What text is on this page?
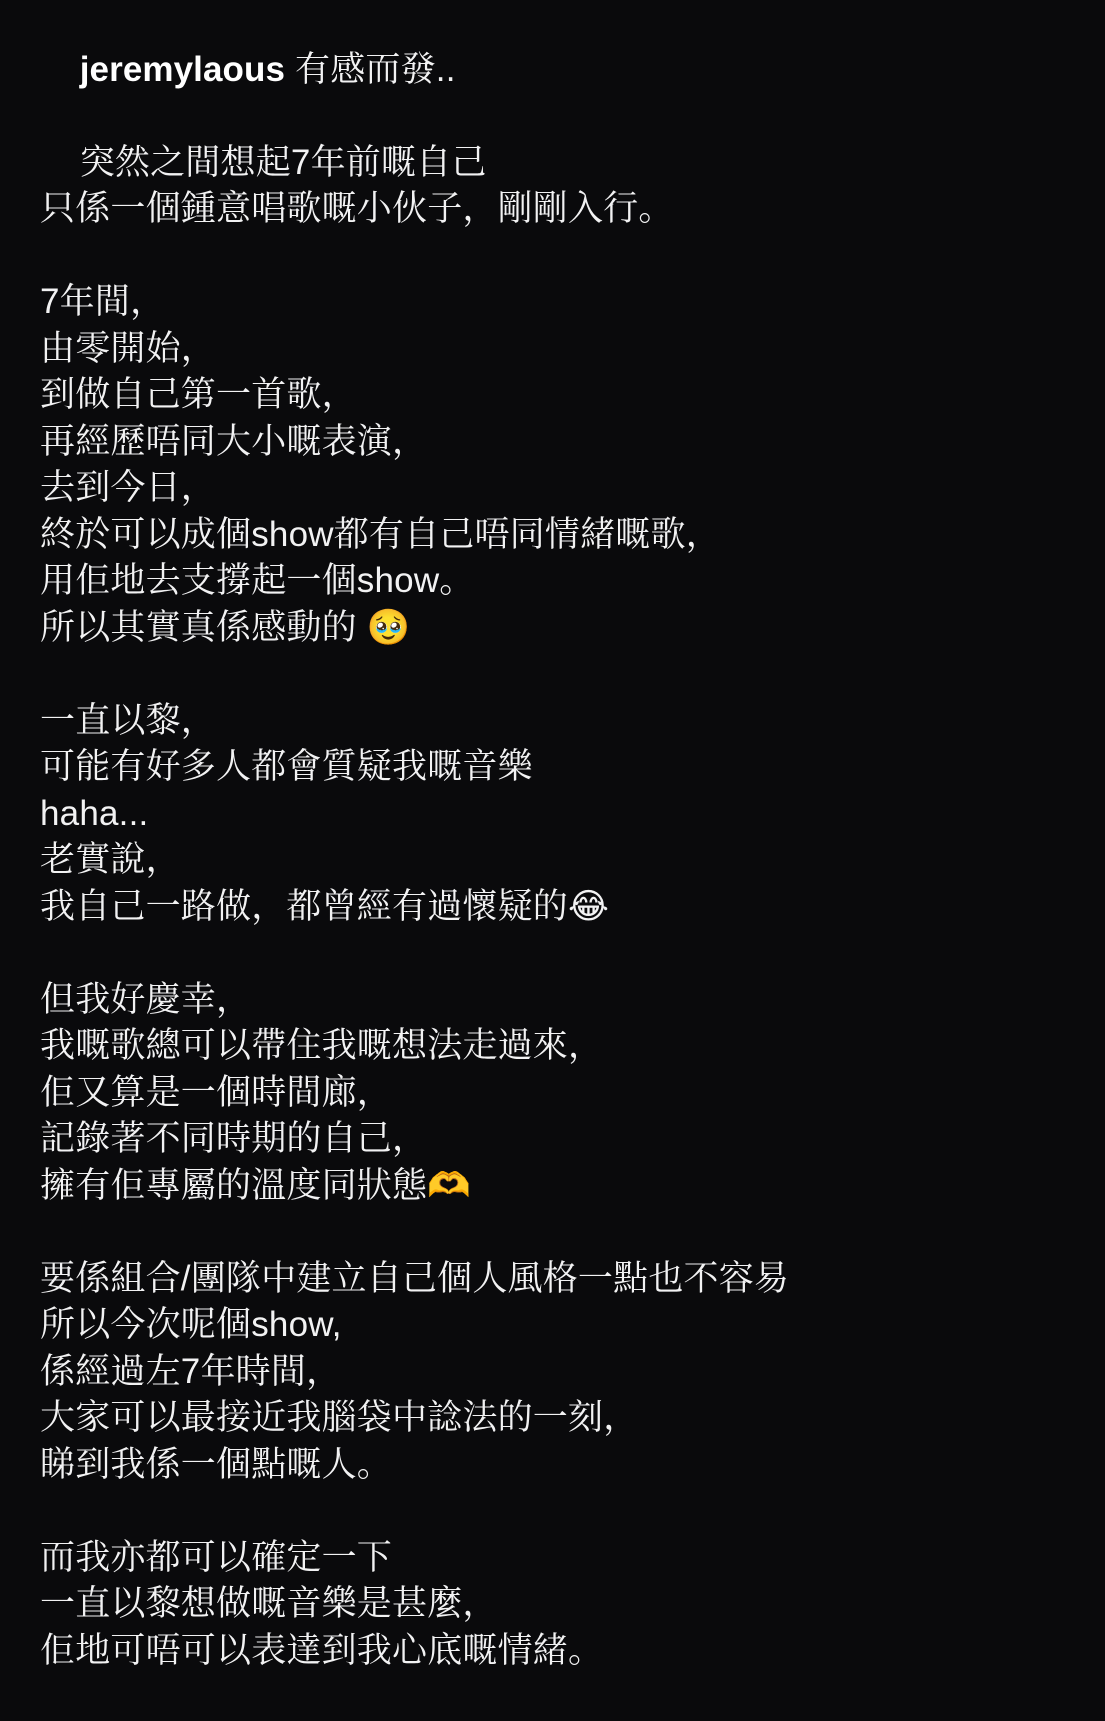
jeremylaous 有感而發..

突然之間想起7年前嘅自己
只係一個鍾意唱歌嘅小伙子，剛剛入行。

7年間，
由零開始，
到做自己第一首歌，
再經歷唔同大小嘅表演，
去到今日，
終於可以成個show都有自己唔同情緒嘅歌，
用佢地去支撐起一個show。
所以其實真係感動的 🥹

一直以黎，
可能有好多人都會質疑我嘅音樂
haha...
老實說，
我自己一路做，都曾經有過懷疑的😂

但我好慶幸，
我嘅歌總可以帶住我嘅想法走過來，
佢又算是一個時間廊，
記錄著不同時期的自己，
擁有佢專屬的溫度同狀態🫶

要係組合/團隊中建立自己個人風格一點也不容易
所以今次呢個show,
係經過左7年時間，
大家可以最接近我腦袋中諗法的一刻，
睇到我係一個點嘅人。

而我亦都可以確定一下
一直以黎想做嘅音樂是甚麼，
佢地可唔可以表達到我心底嘅情緒。
